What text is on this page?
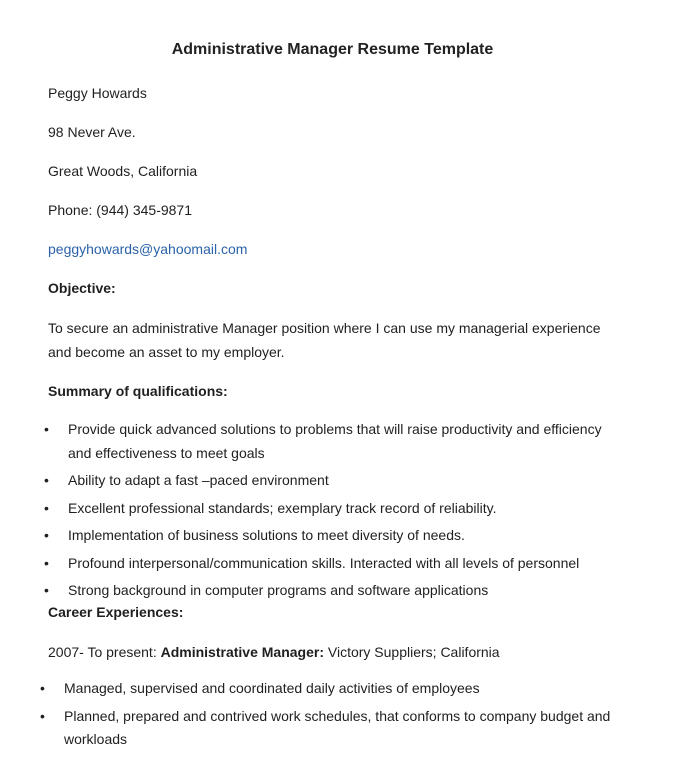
Administrative Manager Resume Template
Peggy Howards
98 Never Ave.
Great Woods, California
Phone: (944) 345-9871
peggyhowards@yahoomail.com
Objective:
To secure an administrative Manager position where I can use my managerial experience and become an asset to my employer.
Summary of qualifications:
• Provide quick advanced solutions to problems that will raise productivity and efficiency and effectiveness to meet goals
• Ability to adapt a fast –paced environment
• Excellent professional standards; exemplary track record of reliability.
• Implementation of business solutions to meet diversity of needs.
• Profound interpersonal/communication skills. Interacted with all levels of personnel
• Strong background in computer programs and software applications
Career Experiences:
2007- To present: Administrative Manager: Victory Suppliers; California
• Managed, supervised and coordinated daily activities of employees
• Planned, prepared and contrived work schedules, that conforms to company budget and workloads
